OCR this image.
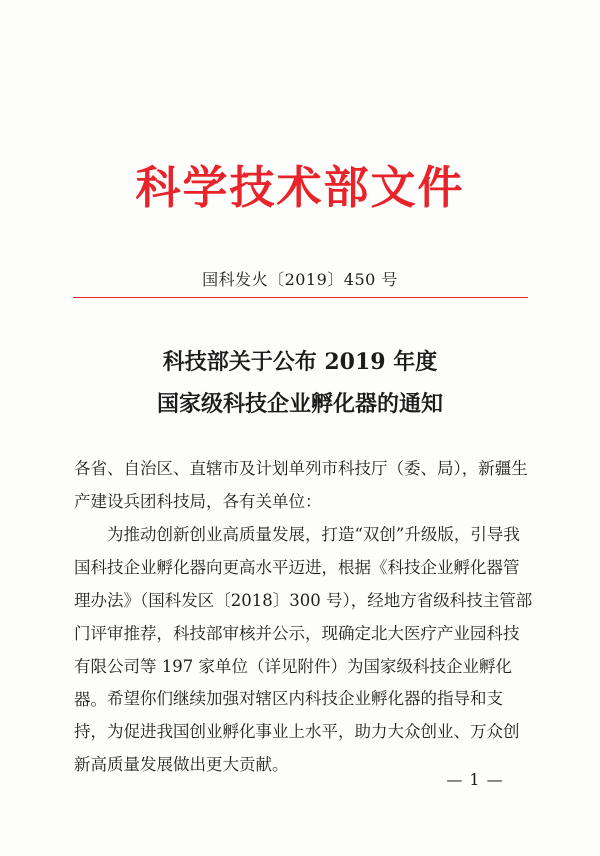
科学技术部文件
国科发火〔2019〕450 号
科技部关于公布 2019 年度
国家级科技企业孵化器的通知

各省、自治区、直辖市及计划单列市科技厅（委、局），新疆生产建设兵团科技局，各有关单位：

为推动创新创业高质量发展，打造“双创”升级版，引导我国科技企业孵化器向更高水平迈进，根据《科技企业孵化器管理办法》（国科发区〔2018〕300 号），经地方省级科技主管部门评审推荐，科技部审核并公示，现确定北大医疗产业园科技有限公司等 197 家单位（详见附件）为国家级科技企业孵化器。 希望你们继续加强对辖区内科技企业孵化器的指导和支持，为促进我国创业孵化事业上水平，助力大众创业、万众创新高质量发展做出更大贡献。

— 1 —
